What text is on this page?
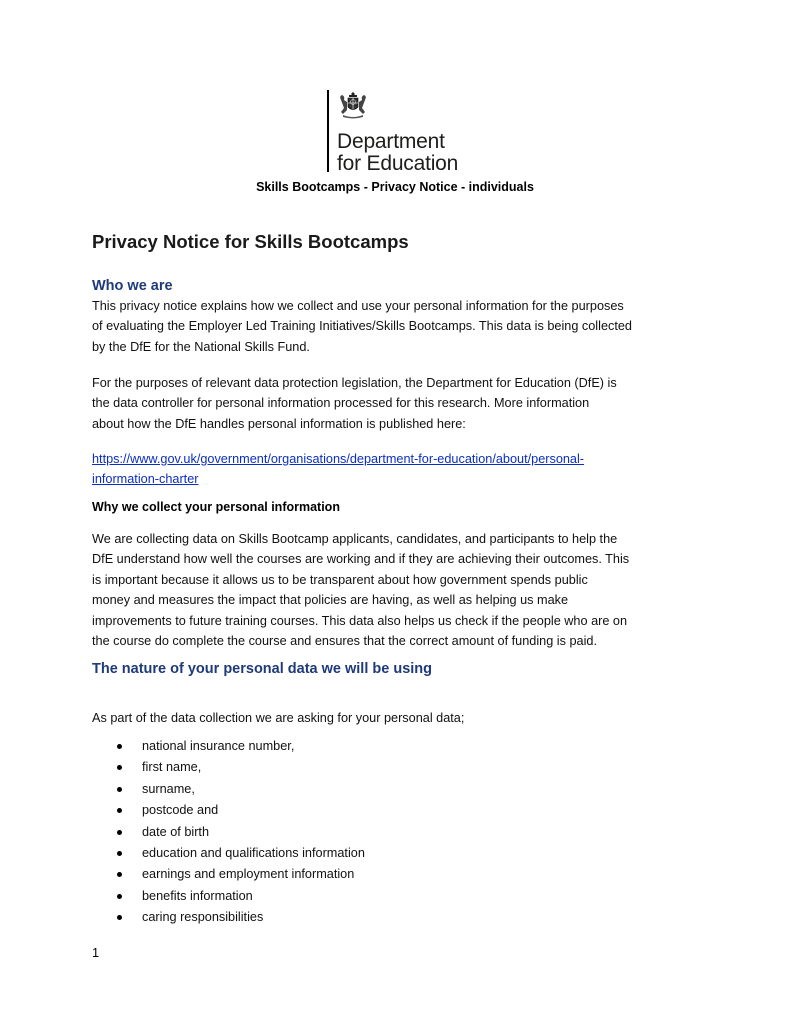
Department
for Education
Skills Bootcamps - Privacy Notice - individuals
Privacy Notice for Skills Bootcamps
Who we are
This privacy notice explains how we collect and use your personal information for the purposes
of evaluating the Employer Led Training Initiatives/Skills Bootcamps. This data is being collected
by the DfE for the National Skills Fund.
For the purposes of relevant data protection legislation, the Department for Education (DfE) is
the data controller for personal information processed for this research. More information
about how the DfE handles personal information is published here:
https://www.gov.uk/government/organisations/department-for-education/about/personal-
information-charter
Why we collect your personal information
We are collecting data on Skills Bootcamp applicants, candidates, and participants to help the
DfE understand how well the courses are working and if they are achieving their outcomes. This
is important because it allows us to be transparent about how government spends public
money and measures the impact that policies are having, as well as helping us make
improvements to future training courses. This data also helps us check if the people who are on
the course do complete the course and ensures that the correct amount of funding is paid.
The nature of your personal data we will be using
As part of the data collection we are asking for your personal data;
national insurance number,
first name,
surname,
postcode and
date of birth
education and qualifications information
earnings and employment information
benefits information
caring responsibilities
1
